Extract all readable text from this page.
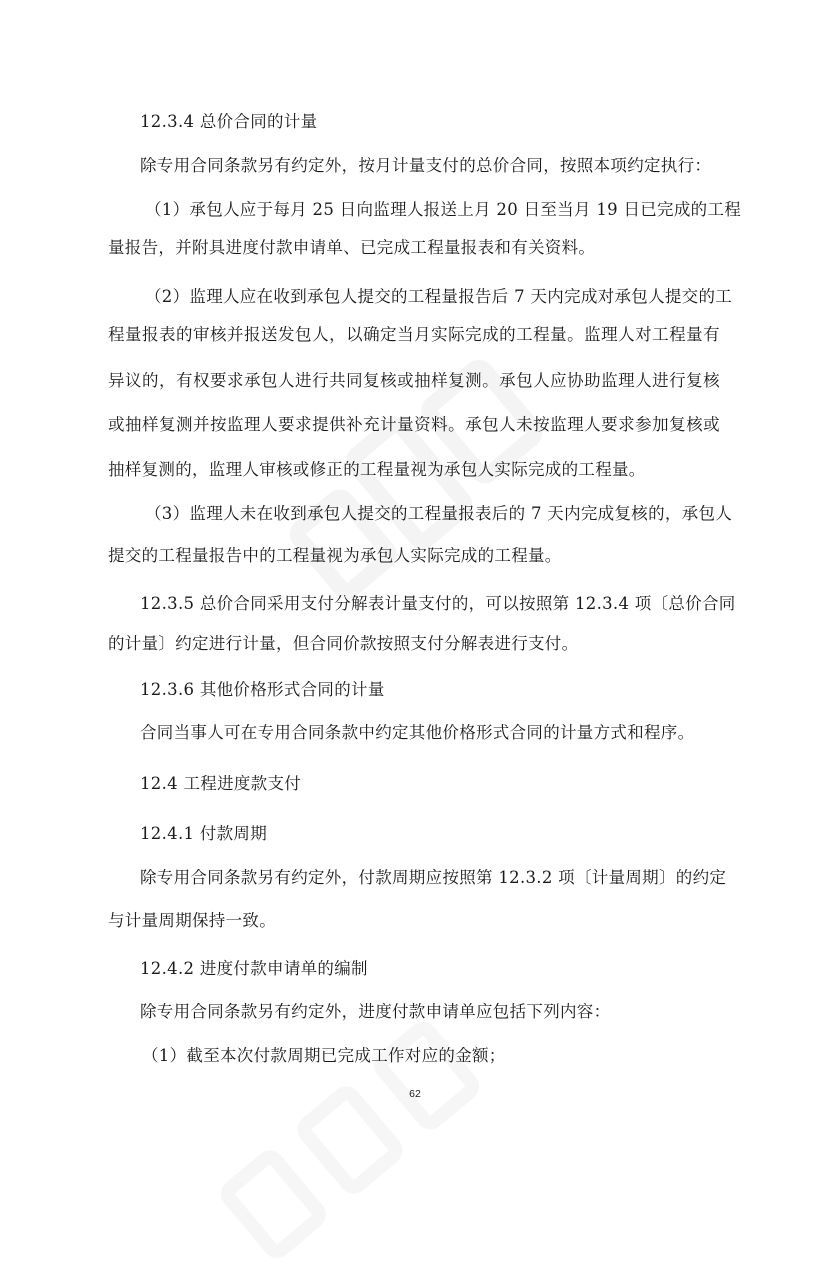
12.3.4 总价合同的计量
除专用合同条款另有约定外，按月计量支付的总价合同，按照本项约定执行：
（1）承包人应于每月 25 日向监理人报送上月 20 日至当月 19 日已完成的工程
量报告，并附具进度付款申请单、已完成工程量报表和有关资料。
（2）监理人应在收到承包人提交的工程量报告后 7 天内完成对承包人提交的工
程量报表的审核并报送发包人，以确定当月实际完成的工程量。监理人对工程量有
异议的，有权要求承包人进行共同复核或抽样复测。承包人应协助监理人进行复核
或抽样复测并按监理人要求提供补充计量资料。承包人未按监理人要求参加复核或
抽样复测的，监理人审核或修正的工程量视为承包人实际完成的工程量。
（3）监理人未在收到承包人提交的工程量报表后的 7 天内完成复核的，承包人
提交的工程量报告中的工程量视为承包人实际完成的工程量。
12.3.5 总价合同采用支付分解表计量支付的，可以按照第 12.3.4 项〔总价合同
的计量〕约定进行计量，但合同价款按照支付分解表进行支付。
12.3.6 其他价格形式合同的计量
合同当事人可在专用合同条款中约定其他价格形式合同的计量方式和程序。
12.4 工程进度款支付
12.4.1 付款周期
除专用合同条款另有约定外，付款周期应按照第 12.3.2 项〔计量周期〕的约定
与计量周期保持一致。
12.4.2 进度付款申请单的编制
除专用合同条款另有约定外，进度付款申请单应包括下列内容：
（1）截至本次付款周期已完成工作对应的金额；
62
